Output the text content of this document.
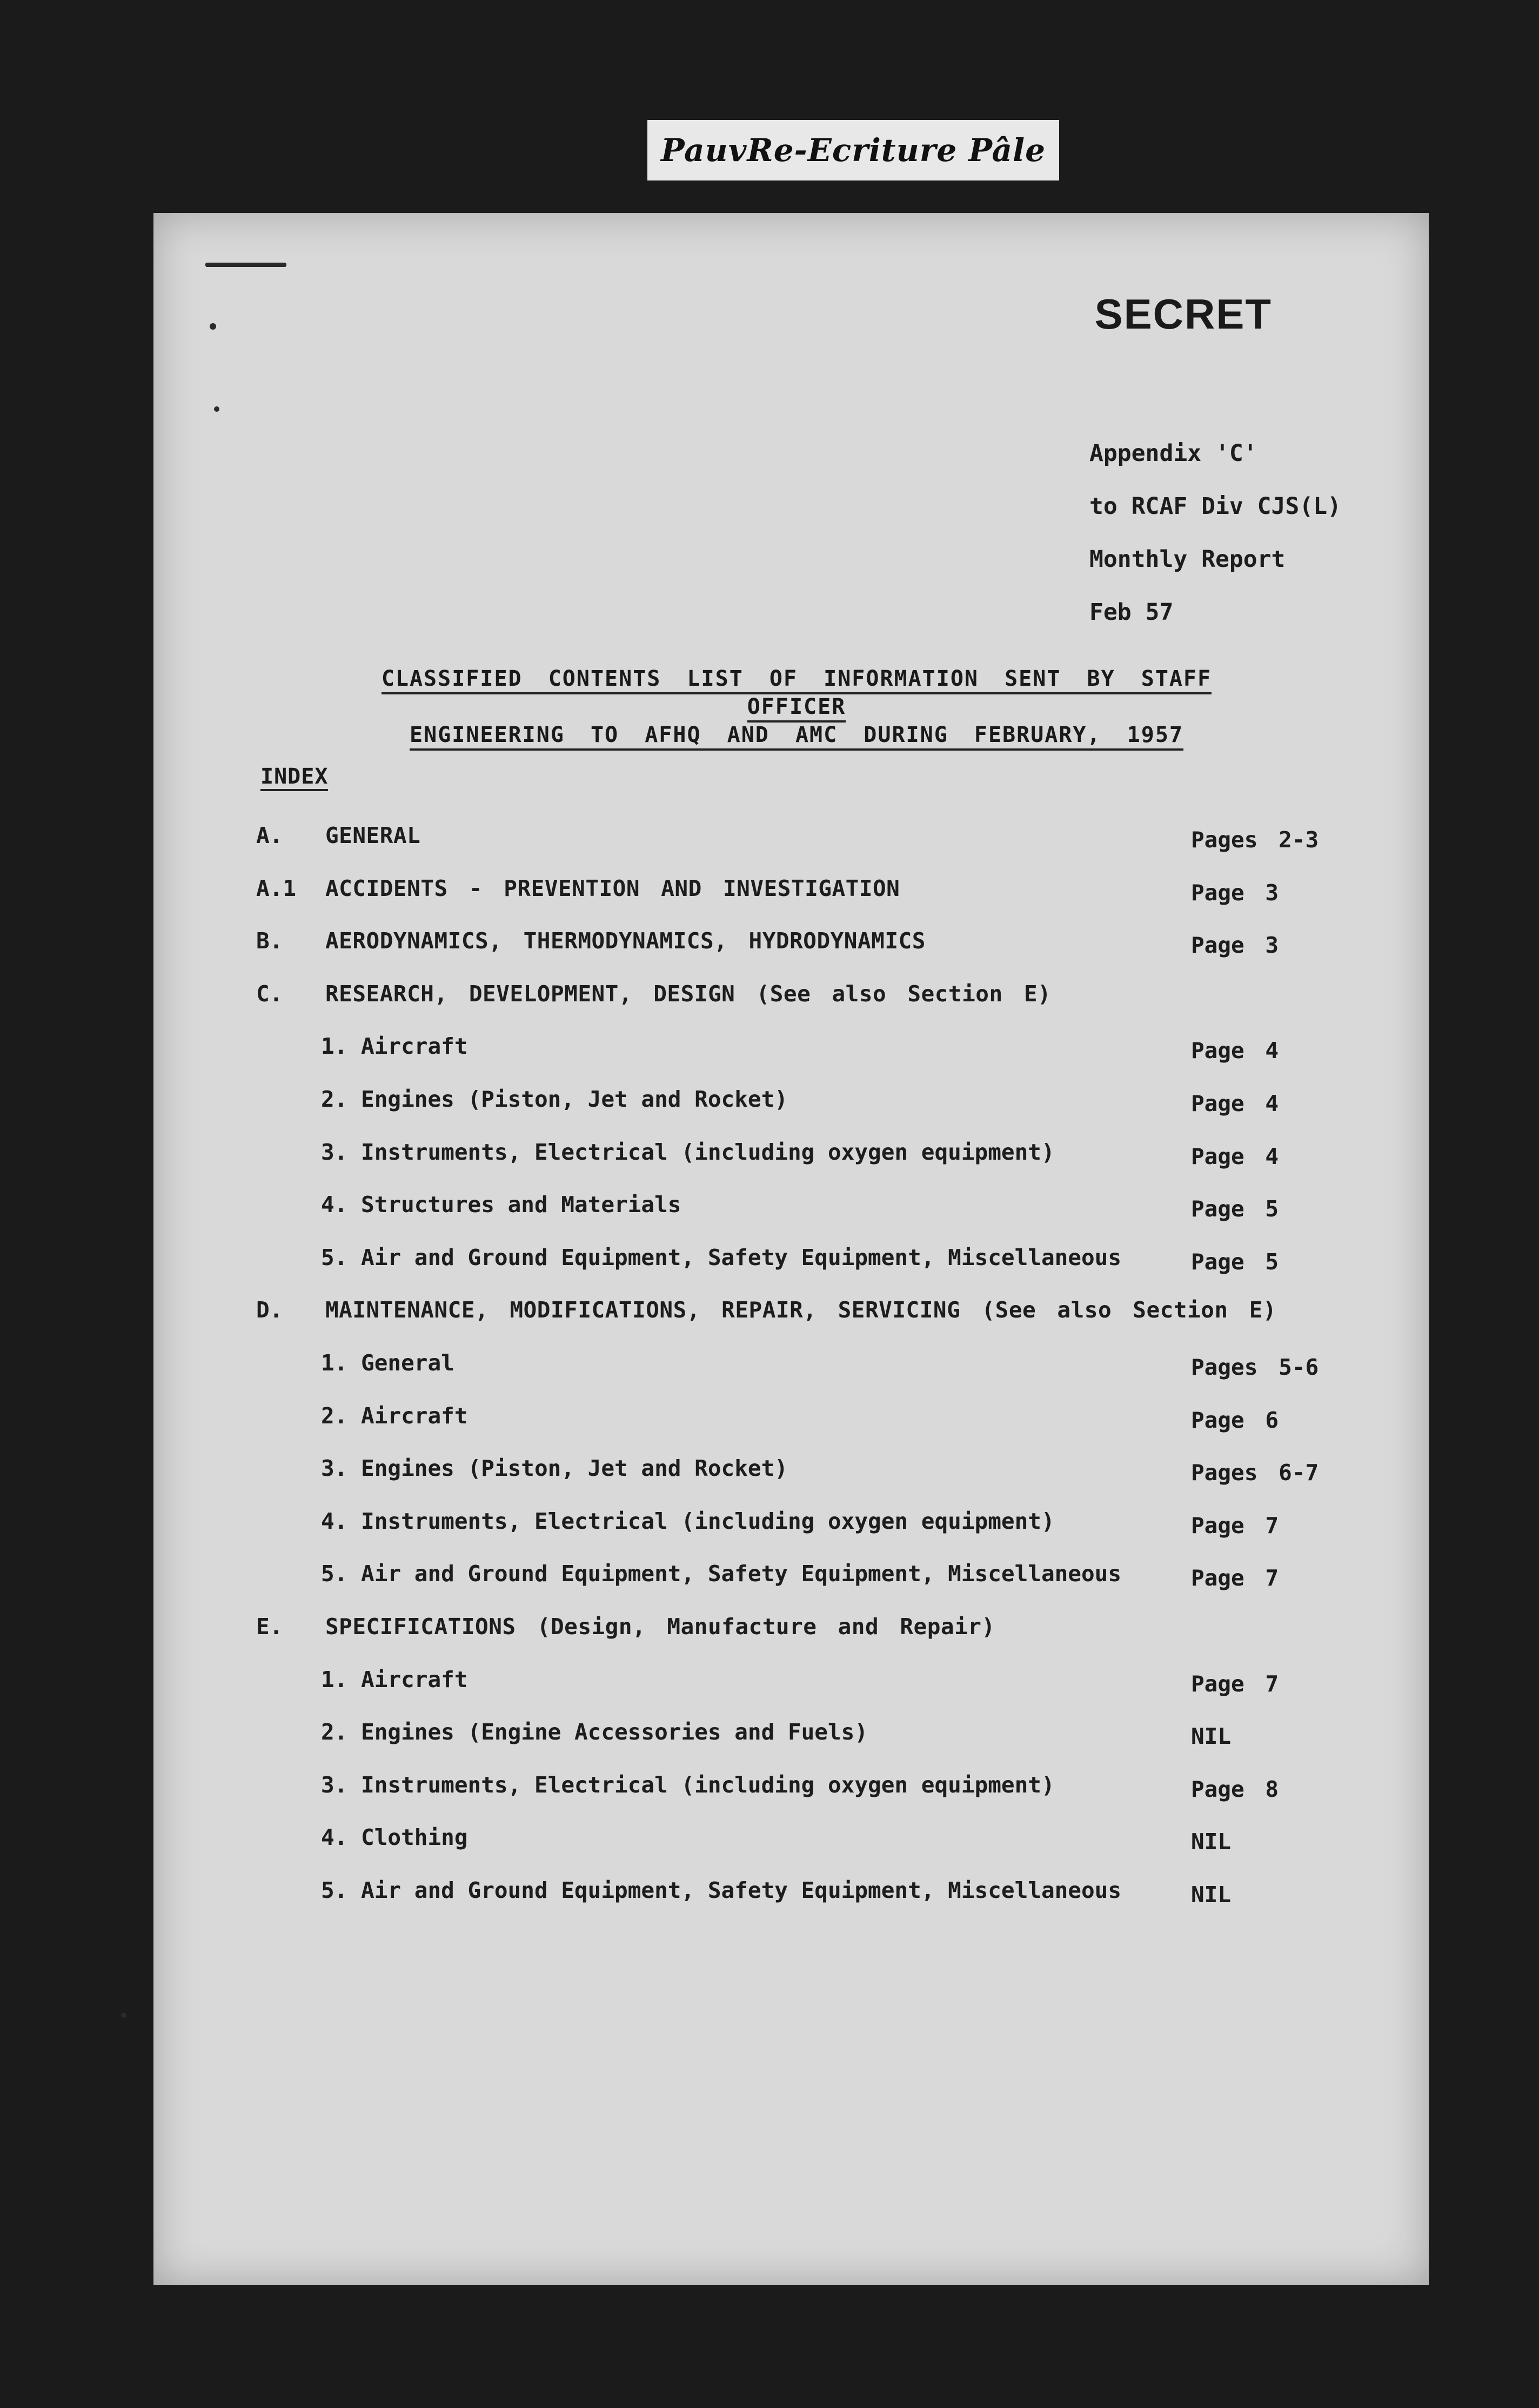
PauvRe-Ecriture Pâle
SECRET
Appendix 'C'
to RCAF Div CJS(L)
Monthly Report
Feb 57
CLASSIFIED CONTENTS LIST OF INFORMATION SENT BY STAFF OFFICER
ENGINEERING TO AFHQ AND AMC DURING FEBRUARY, 1957
INDEX
A. GENERAL	Pages 2-3
A.1 ACCIDENTS - PREVENTION AND INVESTIGATION	Page 3
B. AERODYNAMICS, THERMODYNAMICS, HYDRODYNAMICS	Page 3
C. RESEARCH, DEVELOPMENT, DESIGN (See also Section E)
1. Aircraft	Page 4
2. Engines (Piston, Jet and Rocket)	Page 4
3. Instruments, Electrical (including oxygen equipment)	Page 4
4. Structures and Materials	Page 5
5. Air and Ground Equipment, Safety Equipment, Miscellaneous	Page 5
D. MAINTENANCE, MODIFICATIONS, REPAIR, SERVICING (See also Section E)
1. General	Pages 5-6
2. Aircraft	Page 6
3. Engines (Piston, Jet and Rocket)	Pages 6-7
4. Instruments, Electrical (including oxygen equipment)	Page 7
5. Air and Ground Equipment, Safety Equipment, Miscellaneous	Page 7
E. SPECIFICATIONS (Design, Manufacture and Repair)
1. Aircraft	Page 7
2. Engines (Engine Accessories and Fuels)	NIL
3. Instruments, Electrical (including oxygen equipment)	Page 8
4. Clothing	NIL
5. Air and Ground Equipment, Safety Equipment, Miscellaneous	NIL
